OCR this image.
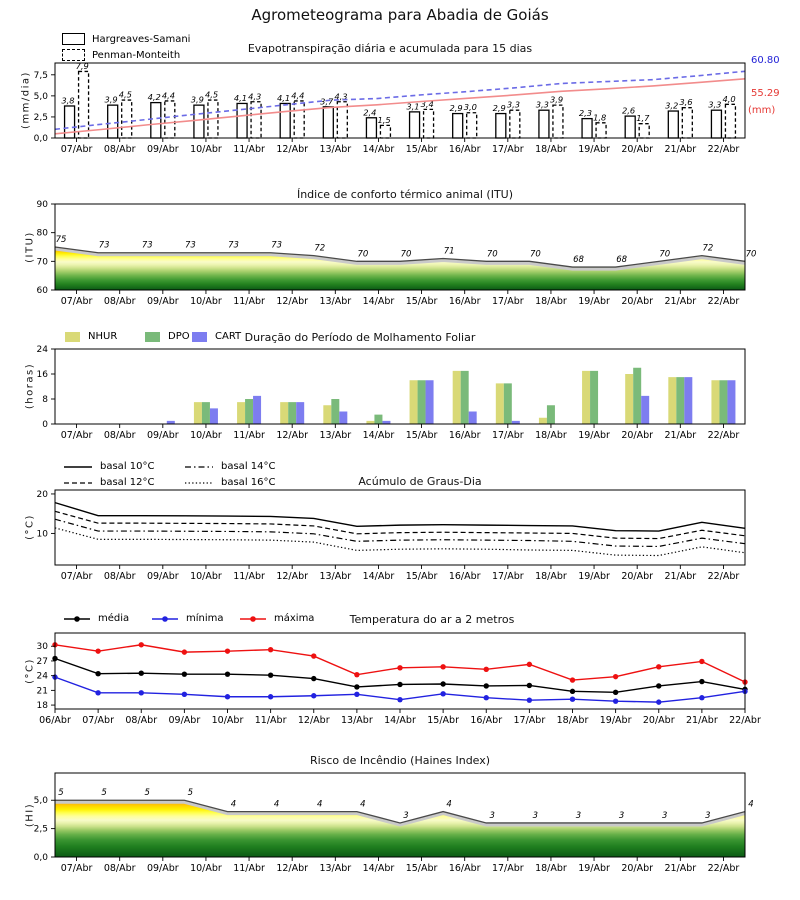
3,8	3,9	4,2	3,9	4,1	4,1	3,7
2,4
3,1	2,9	2,9	3,3
2,3	2,6
3,2	3,3
7,9
4,5	4,4	4,5	4,3	4,4	4,3
1,5
3,4	3,0	3,3
3,9
1,8	1,7
3,6	4,0
0,0
2,5
5,0
7,5
07/Abr 08/Abr 09/Abr 10/Abr 11/Abr 12/Abr 13/Abr 14/Abr 15/Abr 16/Abr 17/Abr 18/Abr 19/Abr 20/Abr 21/Abr 22/Abr
75
73	73	73	73	73	72
70	70	71	70	70
68	68
70
72
70
60
70
80
90
07/Abr 08/Abr 09/Abr 10/Abr 11/Abr 12/Abr 13/Abr 14/Abr 15/Abr 16/Abr 17/Abr 18/Abr 19/Abr 20/Abr 21/Abr 22/Abr
0
8
16
24
07/Abr 08/Abr 09/Abr 10/Abr 11/Abr 12/Abr 13/Abr 14/Abr 15/Abr 16/Abr 17/Abr 18/Abr 19/Abr 20/Abr 21/Abr 22/Abr
10
20
07/Abr 08/Abr 09/Abr 10/Abr 11/Abr 12/Abr 13/Abr 14/Abr 15/Abr 16/Abr 17/Abr 18/Abr 19/Abr 20/Abr 21/Abr 22/Abr
18
21
24
27
30
06/Abr 07/Abr 08/Abr 09/Abr 10/Abr 11/Abr 12/Abr 13/Abr 14/Abr 15/Abr 16/Abr 17/Abr 18/Abr 19/Abr 20/Abr 21/Abr 22/Abr
5	5	5	5
4	4	4	4
3
4
3	3	3	3	3	3
4
0,0
2,5
5,0
07/Abr 08/Abr 09/Abr 10/Abr 11/Abr 12/Abr 13/Abr 14/Abr 15/Abr 16/Abr 17/Abr 18/Abr 19/Abr 20/Abr 21/Abr 22/Abr
Agrometeograma para Abadia de Goiás
Hargreaves-Samani
Penman-Monteith	Evapotranspiração diária e acumulada para 15 dias
(mm/dia)
60.80
55.29
(mm)
Índice de conforto térmico animal (ITU)
(ITU)
NHUR	DPO	CART Duração do Período de Molhamento Foliar
(horas)
basal 10°C
basal 12°C
basal 14°C
basal 16°C	Acúmulo de Graus-Dia
(°C)
média	mínima	máxima	Temperatura do ar a 2 metros
(°C)
Risco de Incêndio (Haines Index)
(HI)
